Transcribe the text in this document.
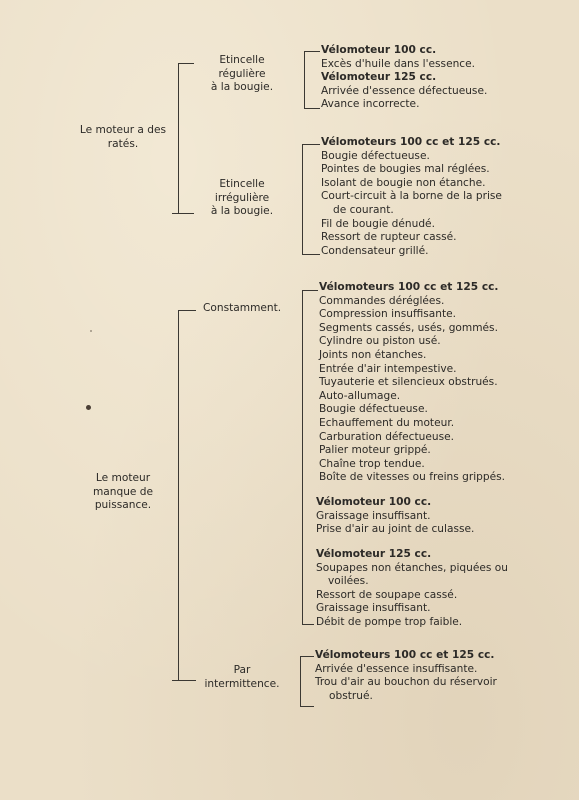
Le moteur a des
ratés.
Etincelle
régulière
à la bougie.
Vélomoteur 100 cc.
Excès d'huile dans l'essence.
Vélomoteur 125 cc.
Arrivée d'essence défectueuse.
Avance incorrecte.
Etincelle
irrégulière
à la bougie.
Vélomoteurs 100 cc et 125 cc.
Bougie défectueuse.
Pointes de bougies mal réglées.
Isolant de bougie non étanche.
Court-circuit à la borne de la prise
de courant.
Fil de bougie dénudé.
Ressort de rupteur cassé.
Condensateur grillé.
Le moteur
manque de
puissance.
Constamment.
Vélomoteurs 100 cc et 125 cc.
Commandes déréglées.
Compression insuffisante.
Segments cassés, usés, gommés.
Cylindre ou piston usé.
Joints non étanches.
Entrée d'air intempestive.
Tuyauterie et silencieux obstrués.
Auto-allumage.
Bougie défectueuse.
Echauffement du moteur.
Carburation défectueuse.
Palier moteur grippé.
Chaîne trop tendue.
Boîte de vitesses ou freins grippés.
Vélomoteur 100 cc.
Graissage insuffisant.
Prise d'air au joint de culasse.
Vélomoteur 125 cc.
Soupapes non étanches, piquées ou
voilées.
Ressort de soupape cassé.
Graissage insuffisant.
Débit de pompe trop faible.
Par
intermittence.
Vélomoteurs 100 cc et 125 cc.
Arrivée d'essence insuffisante.
Trou d'air au bouchon du réservoir
obstrué.
